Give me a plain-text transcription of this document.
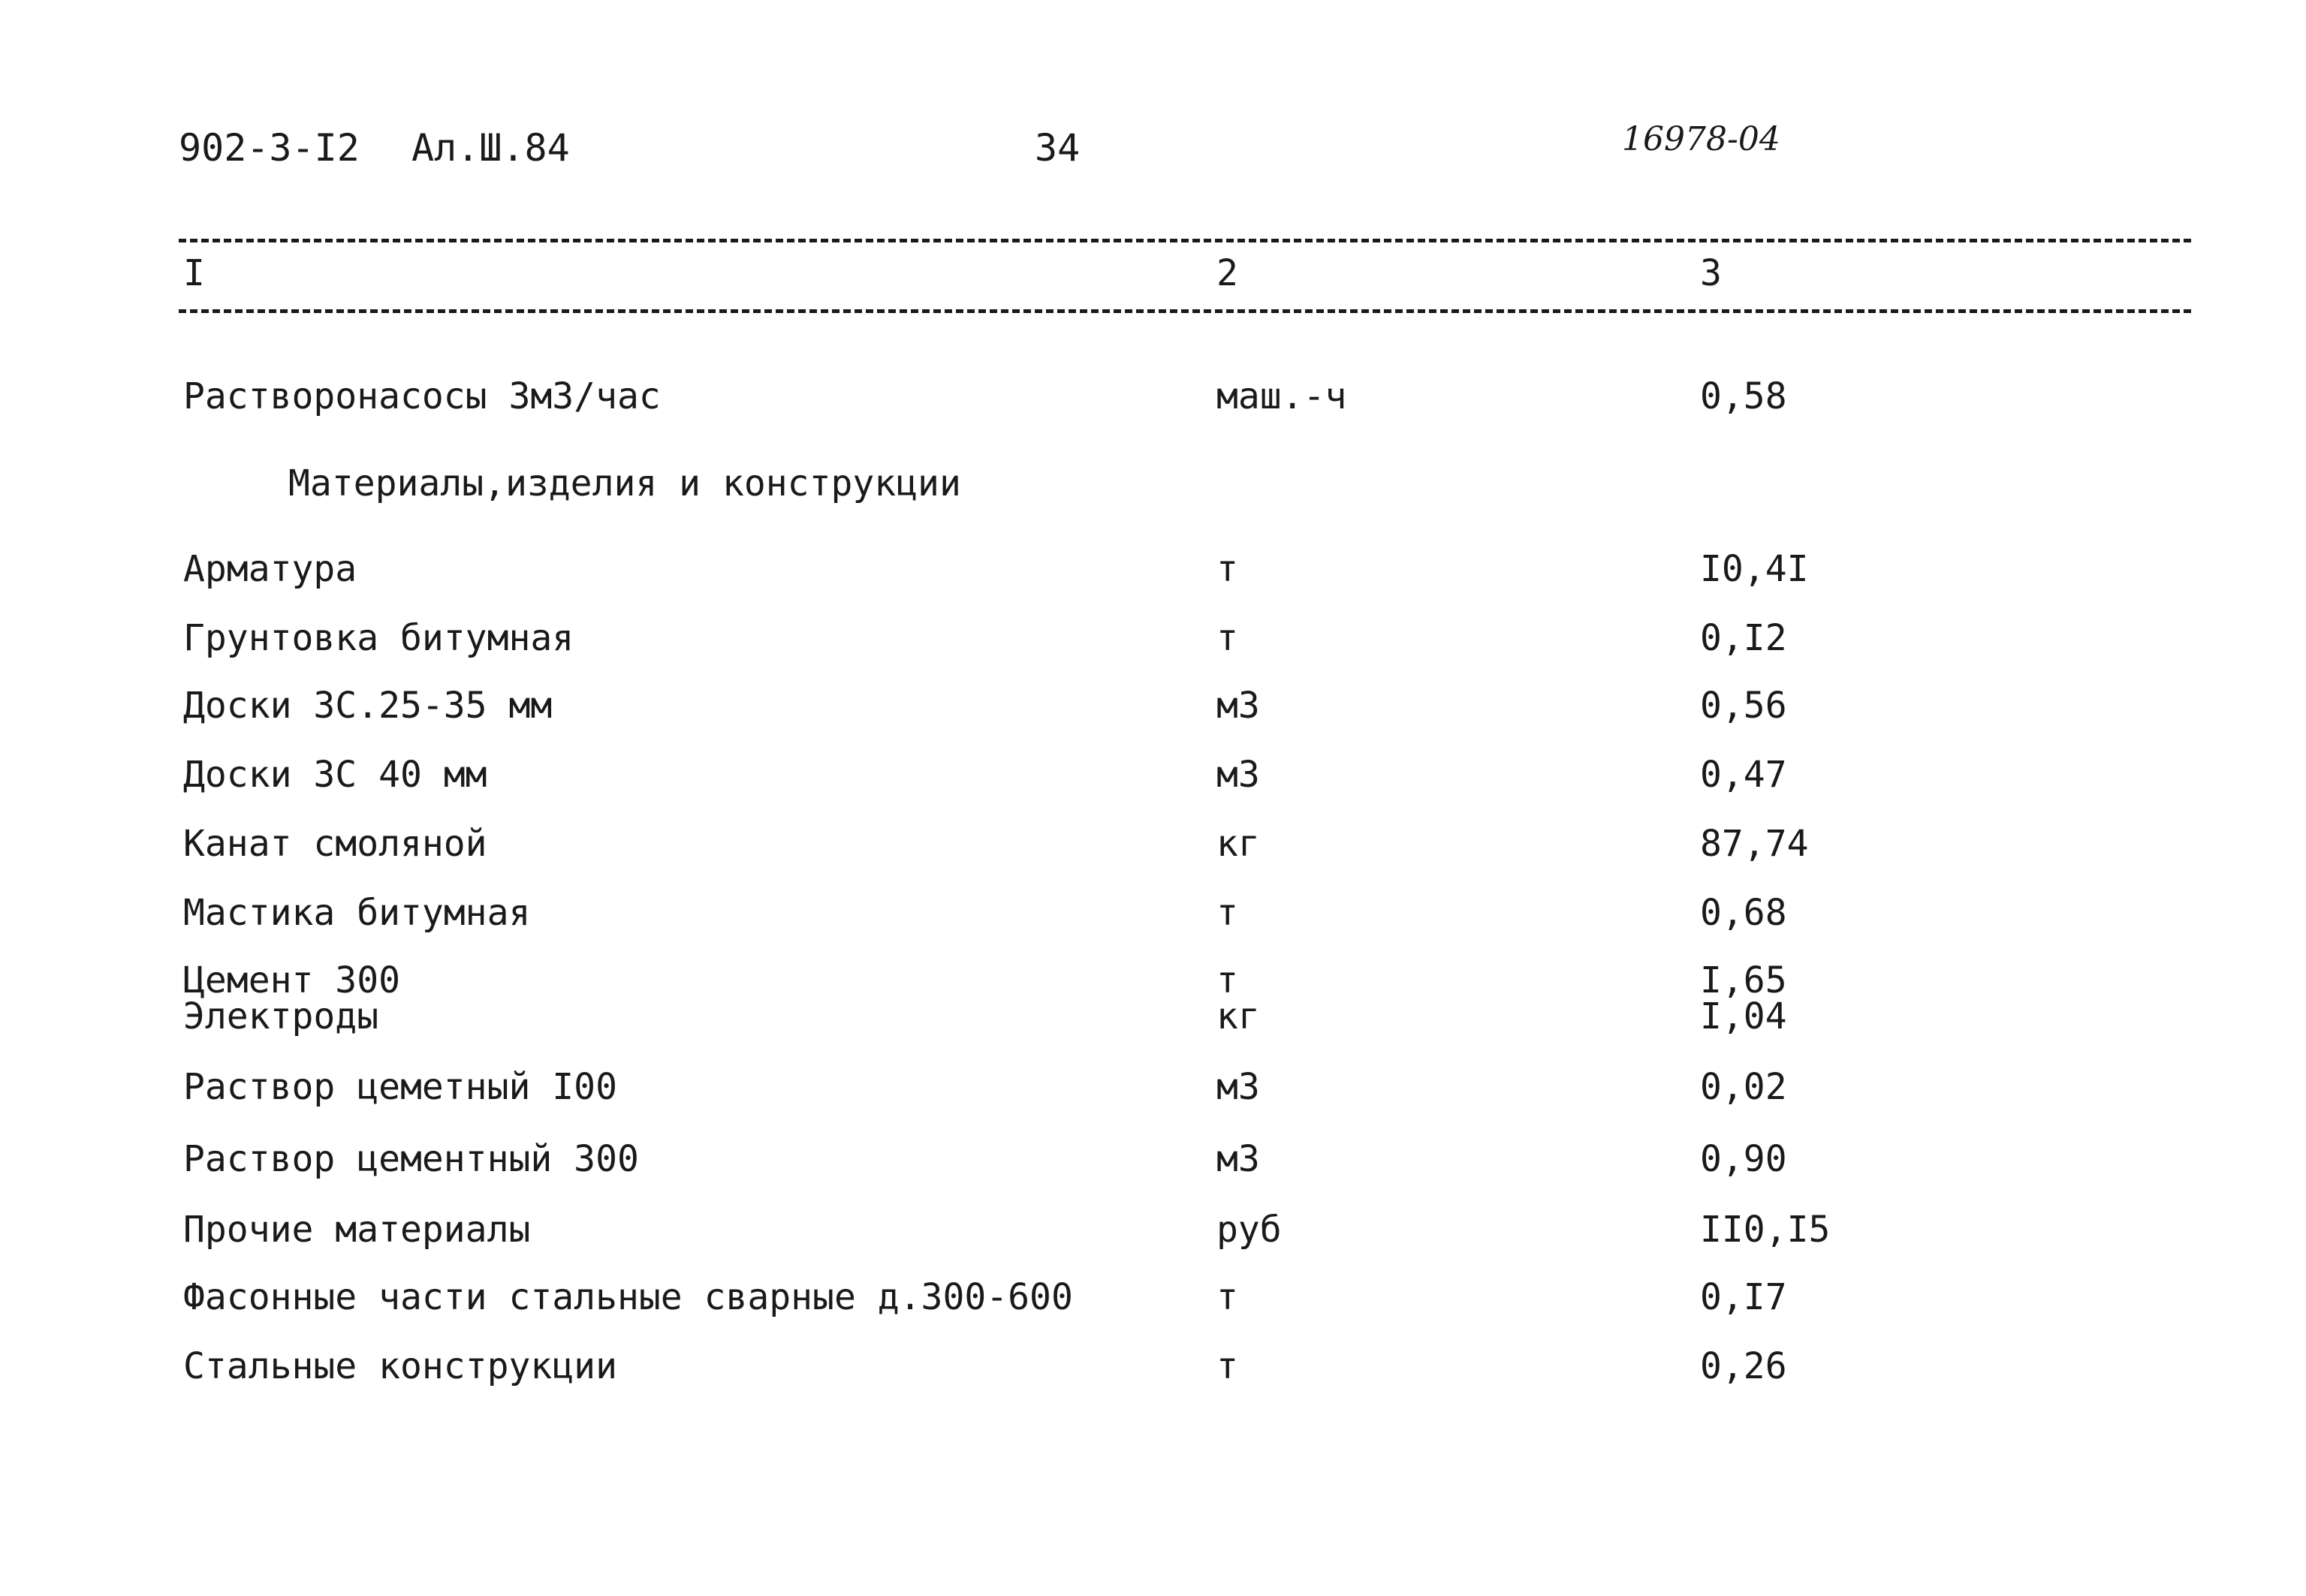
902-3-I2 Ал.Ш.84	34	16978-04
I	2	3
Растворонасосы 3м3/час	маш.-ч	0,58
Материалы,изделия и конструкции
Арматура	т	I0,4I
Грунтовка битумная	т	0,I2
Доски 3С.25-35 мм	м3	0,56
Доски 3С 40 мм	м3	0,47
Канат смоляной	кг	87,74
Мастика битумная	т	0,68
Цемент 300	т	I,65
Электроды	кг	I,04
Раствор цеметный I00	м3	0,02
Раствор цементный 300	м3	0,90
Прочие материалы	руб	II0,I5
Фасонные части стальные сварные д.300-600	т	0,I7
Стальные конструкции	т	0,26
